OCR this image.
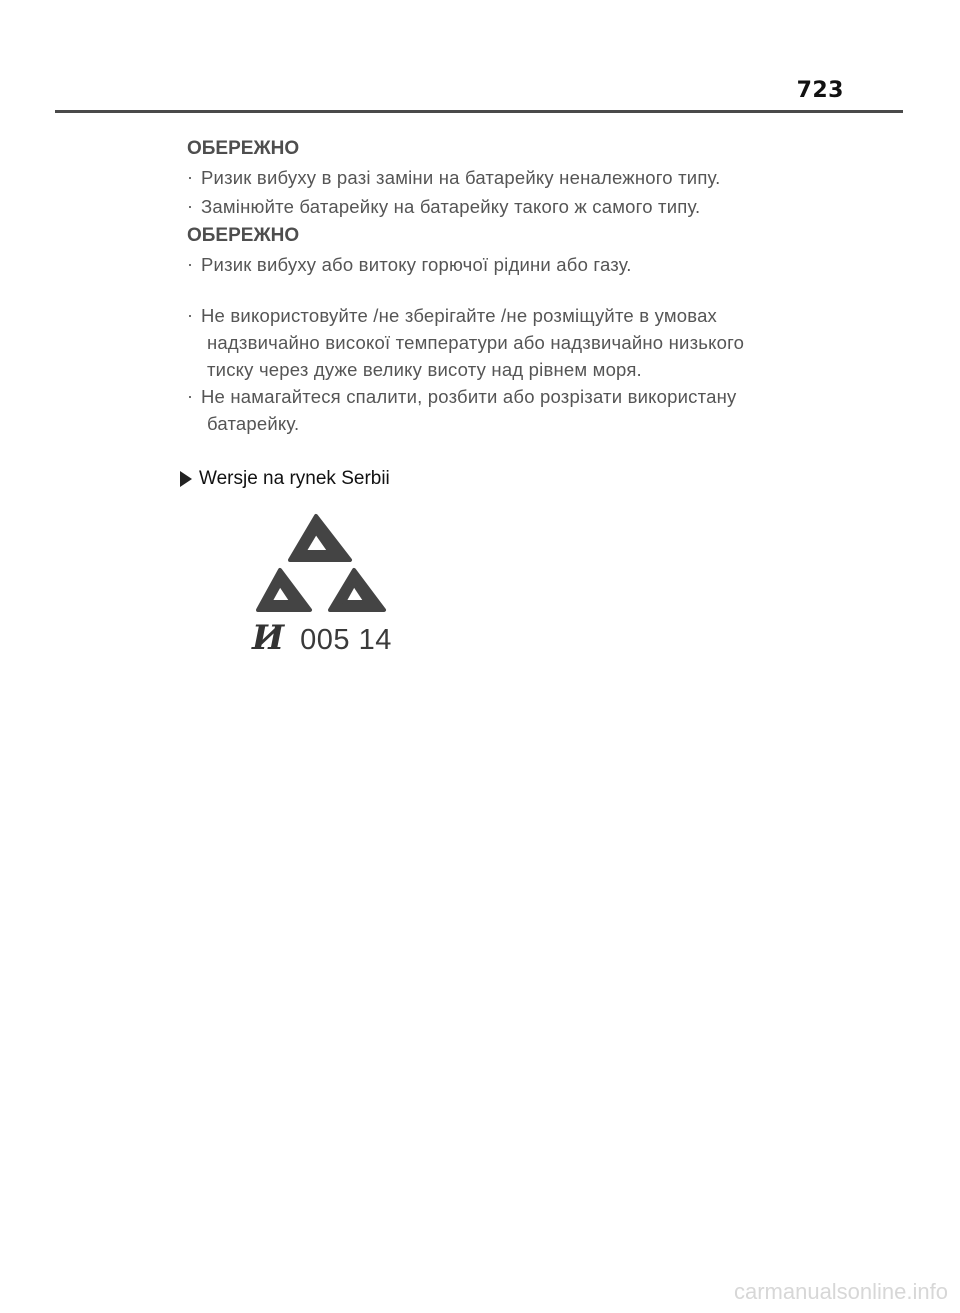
723
ОБЕРЕЖНО
· Ризик вибуху в разі заміни на батарейку неналежного типу.
· Замінюйте батарейку на батарейку такого ж самого типу.
ОБЕРЕЖНО
· Ризик вибуху або витоку горючої рідини або газу.
· Не використовуйте /не зберігайте /не розміщуйте в умовах
надзвичайно високої температури або надзвичайно низького
тиску через дуже велику висоту над рівнем моря.
· Не намагайтеся спалити, розбити або розрізати використану
батарейку.
Wersje na rynek Serbii
И 005 14
carmanualsonline.info
